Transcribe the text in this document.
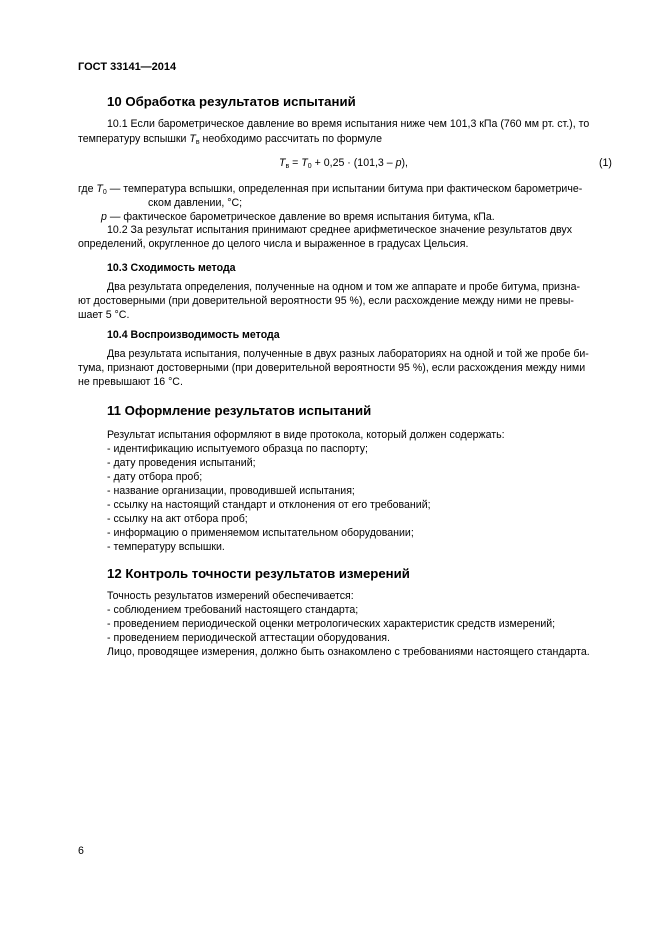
ГОСТ 33141—2014
10 Обработка результатов испытаний
10.1 Если барометрическое давление во время испытания ниже чем 101,3 кПа (760 мм рт. ст.), то
температуру вспышки $T_в$ необходимо рассчитать по формуле
$T_в = T_0 + 0,25 \cdot (101,3 - p)$,	(1)
где $T_0$ — температура вспышки, определенная при испытании битума при фактическом барометриче-
ском давлении, °С;
p — фактическое барометрическое давление во время испытания битума, кПа.
10.2 За результат испытания принимают среднее арифметическое значение результатов двух
определений, округленное до целого числа и выраженное в градусах Цельсия.
10.3 Сходимость метода
Два результата определения, полученные на одном и том же аппарате и пробе битума, призна-
ют достоверными (при доверительной вероятности 95 %), если расхождение между ними не превы-
шает 5 °С.
10.4 Воспроизводимость метода
Два результата испытания, полученные в двух разных лабораториях на одной и той же пробе би-
тума, признают достоверными (при доверительной вероятности 95 %), если расхождения между ними
не превышают 16 °С.
11 Оформление результатов испытаний
Результат испытания оформляют в виде протокола, который должен содержать:
- идентификацию испытуемого образца по паспорту;
- дату проведения испытаний;
- дату отбора проб;
- название организации, проводившей испытания;
- ссылку на настоящий стандарт и отклонения от его требований;
- ссылку на акт отбора проб;
- информацию о применяемом испытательном оборудовании;
- температуру вспышки.
12 Контроль точности результатов измерений
Точность результатов измерений обеспечивается:
- соблюдением требований настоящего стандарта;
- проведением периодической оценки метрологических характеристик средств измерений;
- проведением периодической аттестации оборудования.
Лицо, проводящее измерения, должно быть ознакомлено с требованиями настоящего стандарта.
6
